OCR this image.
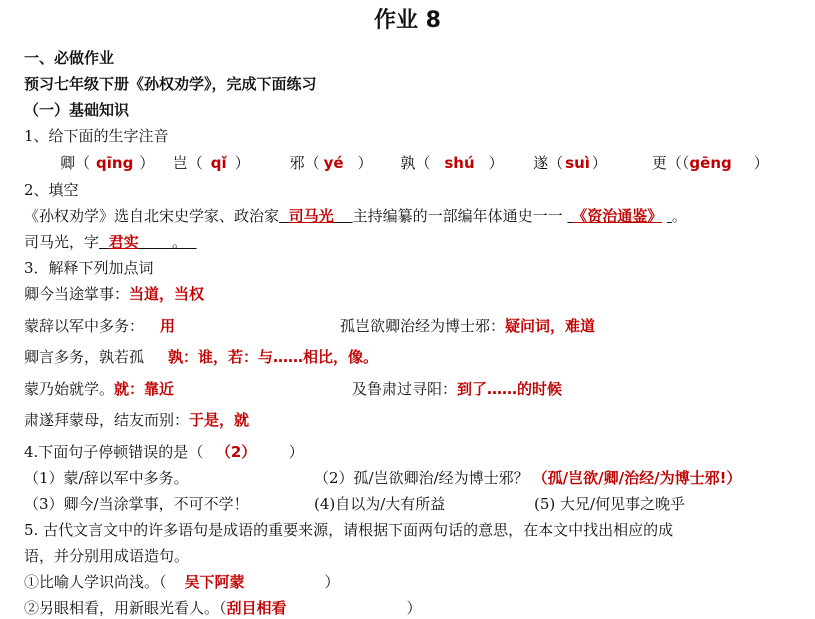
作业 8
一、必做作业
预习七年级下册《孙权劝学》，完成下面练习
（一）基础知识
1、给下面的生字注音
卿（ qīng ） 岂（ qǐ ）	邪（ yé ） 孰（ shú ） 遂（ suì ）	更（（gēng ）
2、填空
《孙权劝学》选自北宋史学家、政治家 司马光 主持编纂的一部编年体通史一一 《资治通鉴》 。
司马光，字 君实 。
3．解释下列加点词
卿今当途掌事：当道，当权
蒙辞以军中多务： 用	孤岂欲卿治经为博士邪：疑问词，难道
卿言多务，孰若孤 孰：谁，若：与……相比，像。
蒙乃始就学。就：靠近	及鲁肃过寻阳：到了……的时候
肃遂拜蒙母，结友而别：于是，就
4.下面句子停顿错误的是（ （2）	）
（1）蒙/辞以军中多务。	（2）孤/岂欲卿治/经为博士邪？ （孤/岂欲/卿/治经/为博士邪!）
（3）卿今/当涂掌事，不可不学！	(4)自以为/大有所益	(5) 大兄/何见事之晚乎
5. 古代文言文中的许多语句是成语的重要来源，请根据下面两句话的意思，在本文中找出相应的成
语，并分别用成语造句。
①比喻人学识尚浅。（ 吴下阿蒙	）
②另眼相看，用新眼光看人。（刮目相看	）
